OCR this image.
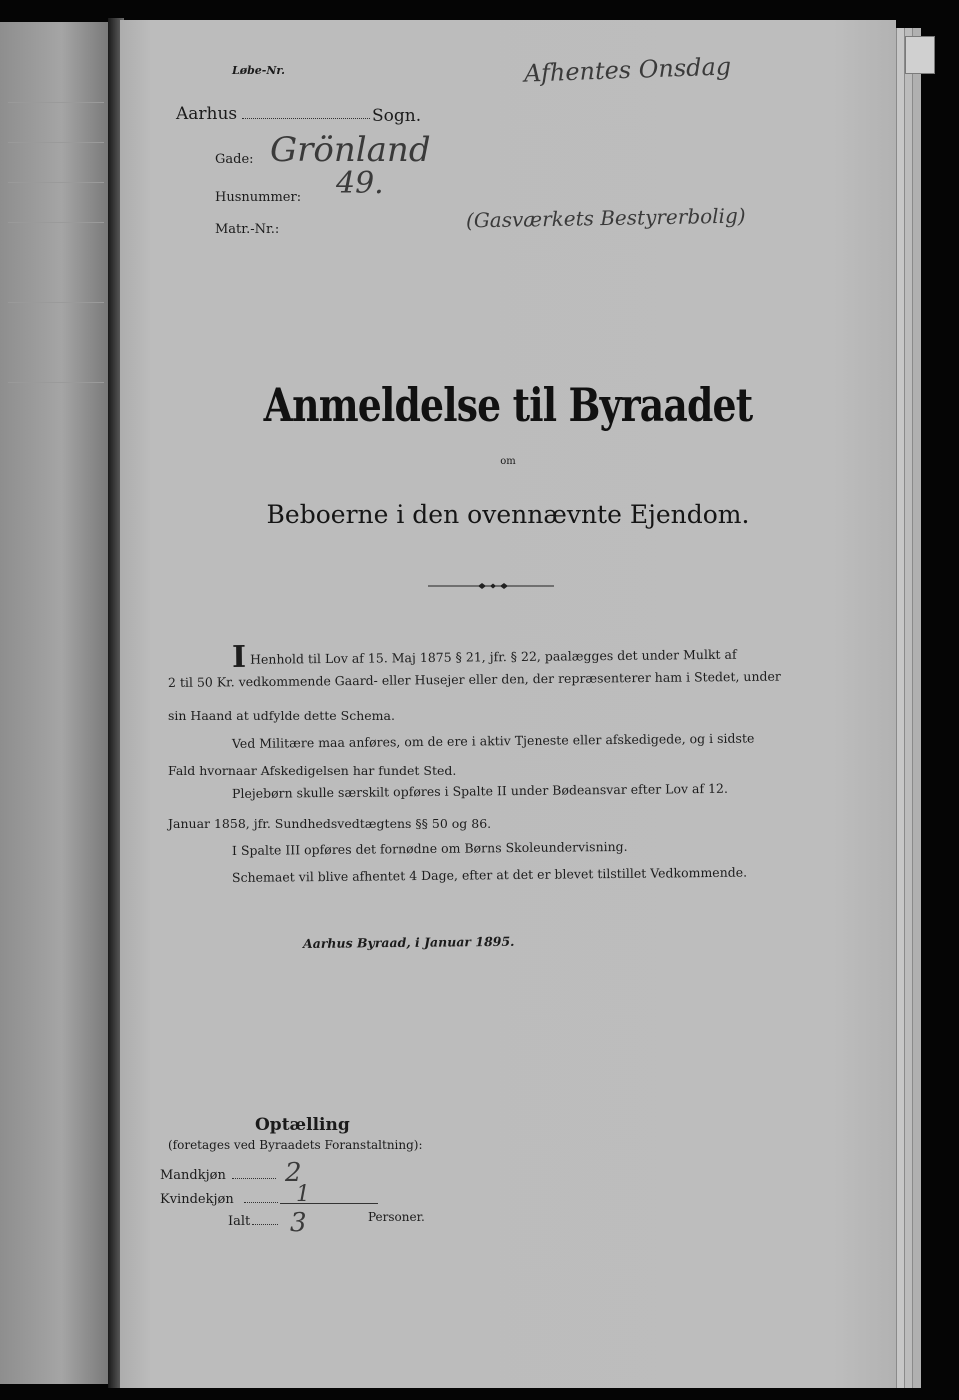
Løbe-Nr.
Aarhus	Sogn.
Gade:
Husnummer:
Matr.-Nr.:
Afhentes Onsdag
Grönland
49.
(Gasværkets Bestyrerbolig)
Anmeldelse til Byraadet
om
Beboerne i den ovennævnte Ejendom.
I Henhold til Lov af 15. Maj 1875 § 21, jfr. § 22, paalægges det under Mulkt af
2 til 50 Kr. vedkommende Gaard- eller Husejer eller den, der repræsenterer ham i Stedet, under
sin Haand at udfylde dette Schema.
Ved Militære maa anføres, om de ere i aktiv Tjeneste eller afskedigede, og i sidste
Fald hvornaar Afskedigelsen har fundet Sted.
Plejebørn skulle særskilt opføres i Spalte II under Bødeansvar efter Lov af 12.
Januar 1858, jfr. Sundhedsvedtægtens §§ 50 og 86.
I Spalte III opføres det fornødne om Børns Skoleundervisning.
Schemaet vil blive afhentet 4 Dage, efter at det er blevet tilstillet Vedkommende.
Aarhus Byraad, i Januar 1895.
Optælling
(foretages ved Byraadets Foranstaltning):
Mandkjøn
Kvindekjøn
Ialt
2
1
3	Personer.
